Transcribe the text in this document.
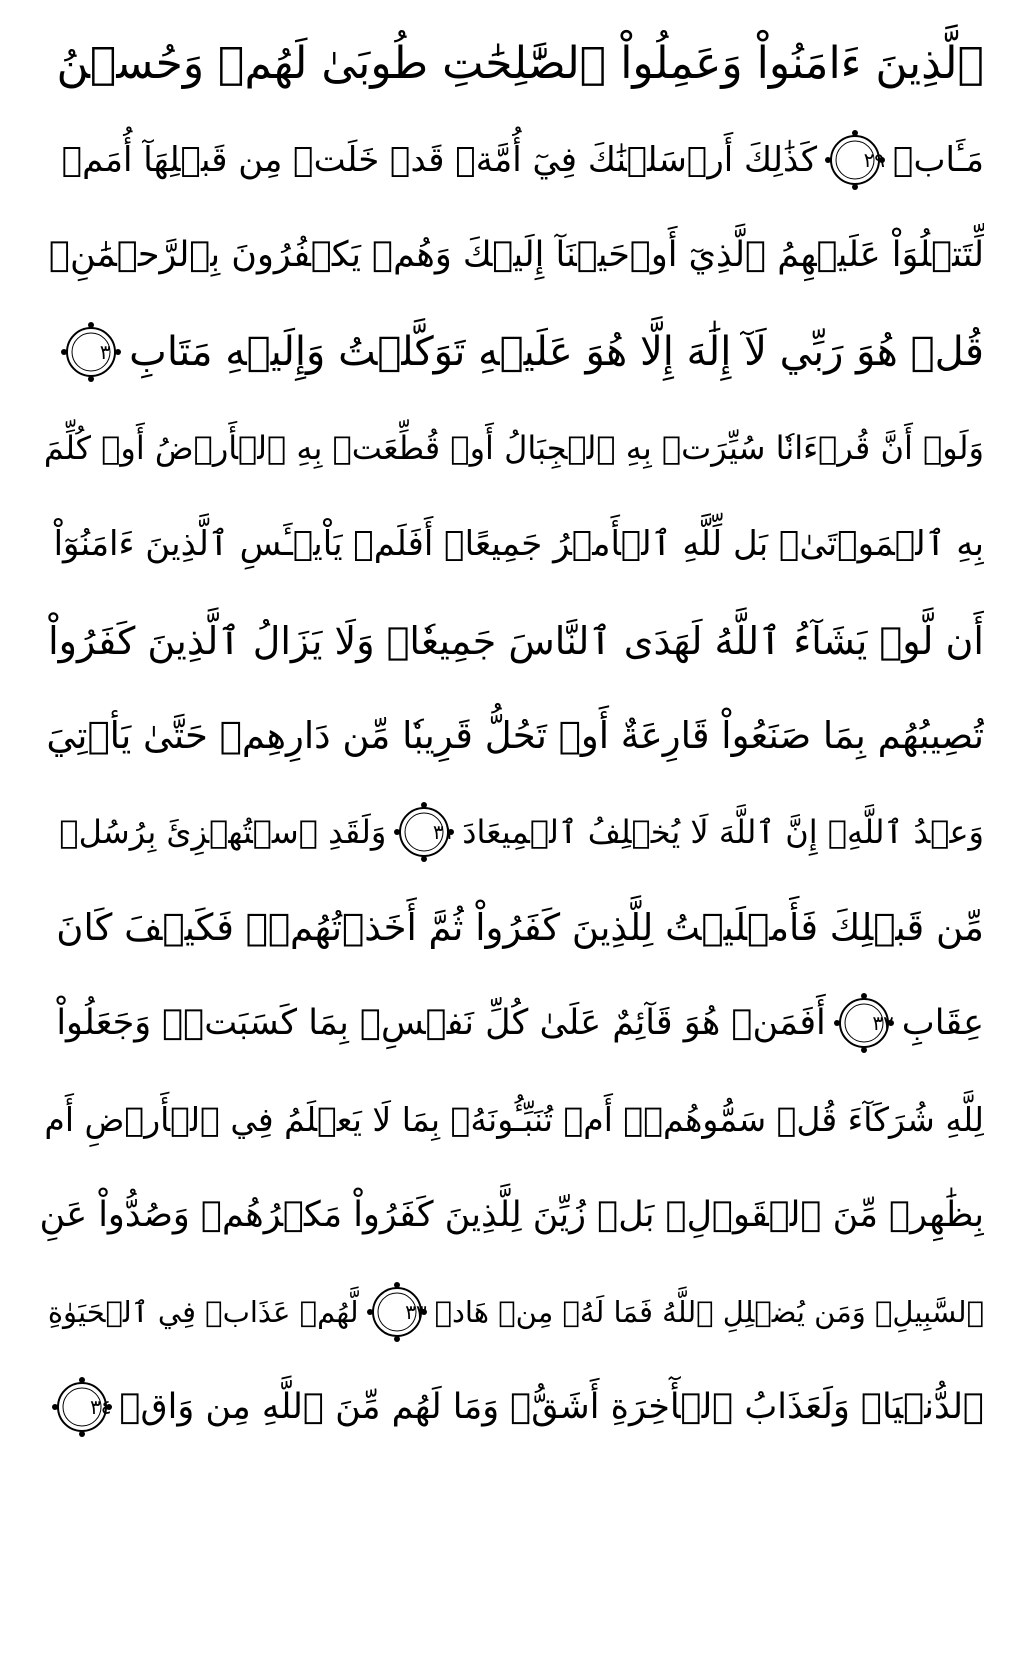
ٱلَّذِينَ ءَامَنُواْ وَعَمِلُواْ ٱلصَّٰلِحَٰتِ طُوبَىٰ لَهُمۡ وَحُسۡنُ
مَـَٔابٖ
٢٩
كَذَٰلِكَ أَرۡسَلۡنَٰكَ فِيٓ أُمَّةٖ قَدۡ خَلَتۡ مِن قَبۡلِهَآ أُمَمٞ
لِّتَتۡلُوَاْ عَلَيۡهِمُ ٱلَّذِيٓ أَوۡحَيۡنَآ إِلَيۡكَ وَهُمۡ يَكۡفُرُونَ بِٱلرَّحۡمَٰنِۚ
قُلۡ هُوَ رَبِّي لَآ إِلَٰهَ إِلَّا هُوَ عَلَيۡهِ تَوَكَّلۡتُ وَإِلَيۡهِ مَتَابِ
٣٠
وَلَوۡ أَنَّ قُرۡءَانٗا سُيِّرَتۡ بِهِ ٱلۡجِبَالُ أَوۡ قُطِّعَتۡ بِهِ ٱلۡأَرۡضُ أَوۡ كُلِّمَ
بِهِ ٱلۡمَوۡتَىٰۗ بَل لِّلَّهِ ٱلۡأَمۡرُ جَمِيعًاۗ أَفَلَمۡ يَاْيۡـَٔسِ ٱلَّذِينَ ءَامَنُوٓاْ
أَن لَّوۡ يَشَآءُ ٱللَّهُ لَهَدَى ٱلنَّاسَ جَمِيعٗاۗ وَلَا يَزَالُ ٱلَّذِينَ كَفَرُواْ
تُصِيبُهُم بِمَا صَنَعُواْ قَارِعَةٌ أَوۡ تَحُلُّ قَرِيبٗا مِّن دَارِهِمۡ حَتَّىٰ يَأۡتِيَ
وَعۡدُ ٱللَّهِۚ إِنَّ ٱللَّهَ لَا يُخۡلِفُ ٱلۡمِيعَادَ
٣١
وَلَقَدِ ٱسۡتُهۡزِئَ بِرُسُلٖ
مِّن قَبۡلِكَ فَأَمۡلَيۡتُ لِلَّذِينَ كَفَرُواْ ثُمَّ أَخَذۡتُهُمۡۖ فَكَيۡفَ كَانَ
عِقَابِ
٣٢
أَفَمَنۡ هُوَ قَآئِمٌ عَلَىٰ كُلِّ نَفۡسِۢ بِمَا كَسَبَتۡۗ وَجَعَلُواْ
لِلَّهِ شُرَكَآءَ قُلۡ سَمُّوهُمۡۚ أَمۡ تُنَبِّـُٔونَهُۥ بِمَا لَا يَعۡلَمُ فِي ٱلۡأَرۡضِ أَم
بِظَٰهِرٖ مِّنَ ٱلۡقَوۡلِۗ بَلۡ زُيِّنَ لِلَّذِينَ كَفَرُواْ مَكۡرُهُمۡ وَصُدُّواْ عَنِ
ٱلسَّبِيلِۗ وَمَن يُضۡلِلِ ٱللَّهُ فَمَا لَهُۥ مِنۡ هَادٖ
٣٣
لَّهُمۡ عَذَابٞ فِي ٱلۡحَيَوٰةِ
ٱلدُّنۡيَاۖ وَلَعَذَابُ ٱلۡأٓخِرَةِ أَشَقُّۖ وَمَا لَهُم مِّنَ ٱللَّهِ مِن وَاقٖ
٣٤
